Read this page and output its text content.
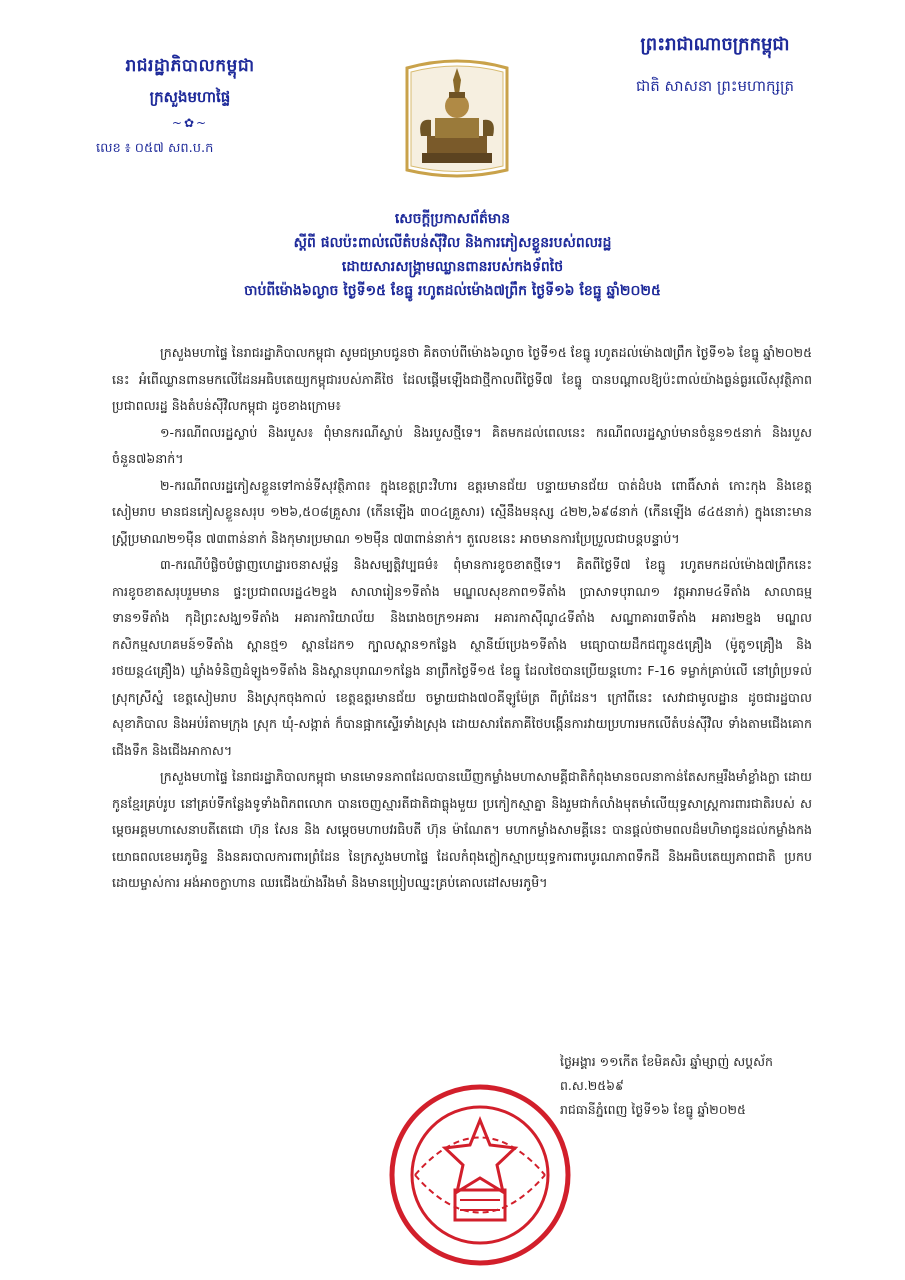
រាជរដ្ឋាភិបាលកម្ពុជា
ក្រសួងមហាផ្ទៃ
~✿~
លេខ ៖ ០៥៧ សព.ប.ក
ព្រះរាជាណាចក្រកម្ពុជា
ជាតិ សាសនា ព្រះមហាក្សត្រ
សេចក្តីប្រកាសព័ត៌មាន
ស្តីពី ផលប៉ះពាល់លើតំបន់ស៊ីវិល និងការភៀសខ្លួនរបស់ពលរដ្ឋ
ដោយសារសង្គ្រាមឈ្លានពានរបស់កងទ័ពថៃ
ចាប់ពីម៉ោង៦ល្ងាច ថ្ងៃទី១៥ ខែធ្នូ រហូតដល់ម៉ោង៧ព្រឹក ថ្ងៃទី១៦ ខែធ្នូ ឆ្នាំ២០២៥

ក្រសួងមហាផ្ទៃ នៃរាជរដ្ឋាភិបាលកម្ពុជា សូមជម្រាបជូនថា គិតចាប់ពីម៉ោង៦ល្ងាច ថ្ងៃទី១៥ ខែធ្នូ រហូតដល់ម៉ោង៧ព្រឹក ថ្ងៃទី១៦ ខែធ្នូ ឆ្នាំ២០២៥ នេះ អំពើឈ្លានពានមកលើដែនអធិបតេយ្យកម្ពុជារបស់ភាគីថៃ ដែលផ្តើមឡើងជាថ្មីកាលពីថ្ងៃទី៧ ខែធ្នូ បានបណ្តាលឱ្យប៉ះពាល់យ៉ាងធ្ងន់ធ្ងរលើសុវត្ថិភាពប្រជាពលរដ្ឋ និងតំបន់ស៊ីវិលកម្ពុជា ដូចខាងក្រោម៖

១-ករណីពលរដ្ឋស្លាប់ និងរបួស៖ ពុំមានករណីស្លាប់ និងរបួសថ្មីទេ។ គិតមកដល់ពេលនេះ ករណីពលរដ្ឋស្លាប់មានចំនួន១៥នាក់ និងរបួសចំនួន៧៦នាក់។

២-ករណីពលរដ្ឋភៀសខ្លួនទៅកាន់ទីសុវត្ថិភាព៖ ក្នុងខេត្តព្រះវិហារ ឧត្តរមានជ័យ បន្ទាយមានជ័យ បាត់ដំបង ពោធិ៍សាត់ កោះកុង និងខេត្តសៀមរាប មានជនភៀសខ្លួនសរុប ១២៦,៥០៨គ្រួសារ (កើនឡើង ៣០៤គ្រួសារ) ស្មើនឹងមនុស្ស ៤២២,៦៩៨នាក់ (កើនឡើង ៨៤៥នាក់) ក្នុងនោះមានស្ត្រីប្រមាណ២១ម៉ឺន ៧៣ពាន់នាក់ និងកុមារប្រមាណ ១២ម៉ឺន ៧៣ពាន់នាក់។ តួលេខនេះ អាចមានការប្រែប្រួលជាបន្តបន្ទាប់។

៣-ករណីបំផ្លិចបំផ្លាញហេដ្ឋារចនាសម្ព័ន្ធ និងសម្បត្តិវប្បធម៌៖ ពុំមានការខូចខាតថ្មីទេ។ គិតពីថ្ងៃទី៧ ខែធ្នូ រហូតមកដល់ម៉ោង៧ព្រឹកនេះ ការខូចខាតសរុបរួមមាន ផ្ទះប្រជាពលរដ្ឋ៤២ខ្នង សាលារៀន១ទីតាំង មណ្ឌលសុខភាព១ទីតាំង ប្រាសាទបុរាណ១ វត្តអារាម៤ទីតាំង សាលាធម្មទាន១ទីតាំង កុដិព្រះសង្ឃ១ទីតាំង អគារការិយាល័យ និងរោងចក្រ១អគារ អគារកាស៊ីណូ៤ទីតាំង សណ្ឋាគារ៣ទីតាំង អគារ២ខ្នង មណ្ឌលកសិកម្មសហគមន៍១ទីតាំង ស្ពានថ្ម១ ស្ពានដែក១ ក្បាលស្ពាន១កន្លែង ស្ថានីយ៍ប្រេង១ទីតាំង មធ្យោបាយដឹកជញ្ជូន៥គ្រឿង (ម៉ូតូ១គ្រឿង និងរថយន្ត៤គ្រឿង) ឃ្លាំងទំនិញដំឡូង១ទីតាំង និងស្ពានបុរាណ១កន្លែង នាព្រឹកថ្ងៃទី១៥ ខែធ្នូ ដែលថៃបានប្រើយន្តហោះ F-16 ទម្លាក់គ្រាប់លើ នៅព្រំប្រទល់ស្រុកស្រីស្នំ ខេត្តសៀមរាប និងស្រុកចុងកាល់ ខេត្តឧត្តរមានជ័យ ចម្ងាយជាង៧០គីឡូម៉ែត្រ ពីព្រំដែន។ ក្រៅពីនេះ សេវាជាមូលដ្ឋាន ដូចជារដ្ឋបាល សុខាភិបាល និងអប់រំតាមក្រុង ស្រុក ឃុំ-សង្កាត់ ក៏បានផ្អាកស្ទើរទាំងស្រុង ដោយសារតែភាគីថៃបង្កើនការវាយប្រហារមកលើតំបន់ស៊ីវិល ទាំងតាមជើងគោក ជើងទឹក និងជើងអាកាស។

ក្រសួងមហាផ្ទៃ នៃរាជរដ្ឋាភិបាលកម្ពុជា មានមោទនភាពដែលបានឃើញកម្លាំងមហាសាមគ្គីជាតិកំពុងមានចលនាកាន់តែសកម្មរឹងមាំខ្លាំងក្លា ដោយកូនខ្មែរគ្រប់រូប នៅគ្រប់ទីកន្លែងទូទាំងពិភពលោក បានចេញស្មារតីជាតិជាធ្លុងមួយ ប្រកៀកស្មាគ្នា និងរួមជាកំលាំងមុតមាំលើយុទ្ធសាស្ត្រការពារជាតិរបស់ សម្តេចអគ្គមហាសេនាបតីតេជោ ហ៊ុន សែន និង សម្តេចមហាបវរធិបតី ហ៊ុន ម៉ាណែត។ មហាកម្លាំងសាមគ្គីនេះ បានផ្តល់ថាមពលដ៏មហិមាជូនដល់កម្លាំងកងយោធពលខេមរភូមិន្ទ និងនគរបាលការពារព្រំដែន នៃក្រសួងមហាផ្ទៃ ដែលកំពុងក្លៀកស្មាប្រយុទ្ធការពារបូរណភាពទឹកដី និងអធិបតេយ្យភាពជាតិ ប្រកបដោយម្ចាស់ការ អង់អាចក្លាហាន ឈរជើងយ៉ាងរឹងមាំ និងមានប្រៀបឈ្នះគ្រប់គោលដៅសមរភូមិ។

ថ្ងៃអង្គារ ១១កើត ខែមិគសិរ ឆ្នាំម្សាញ់ សប្តស័ក ព.ស.២៥៦៩
រាជធានីភ្នំពេញ ថ្ងៃទី១៦ ខែធ្នូ ឆ្នាំ២០២៥
